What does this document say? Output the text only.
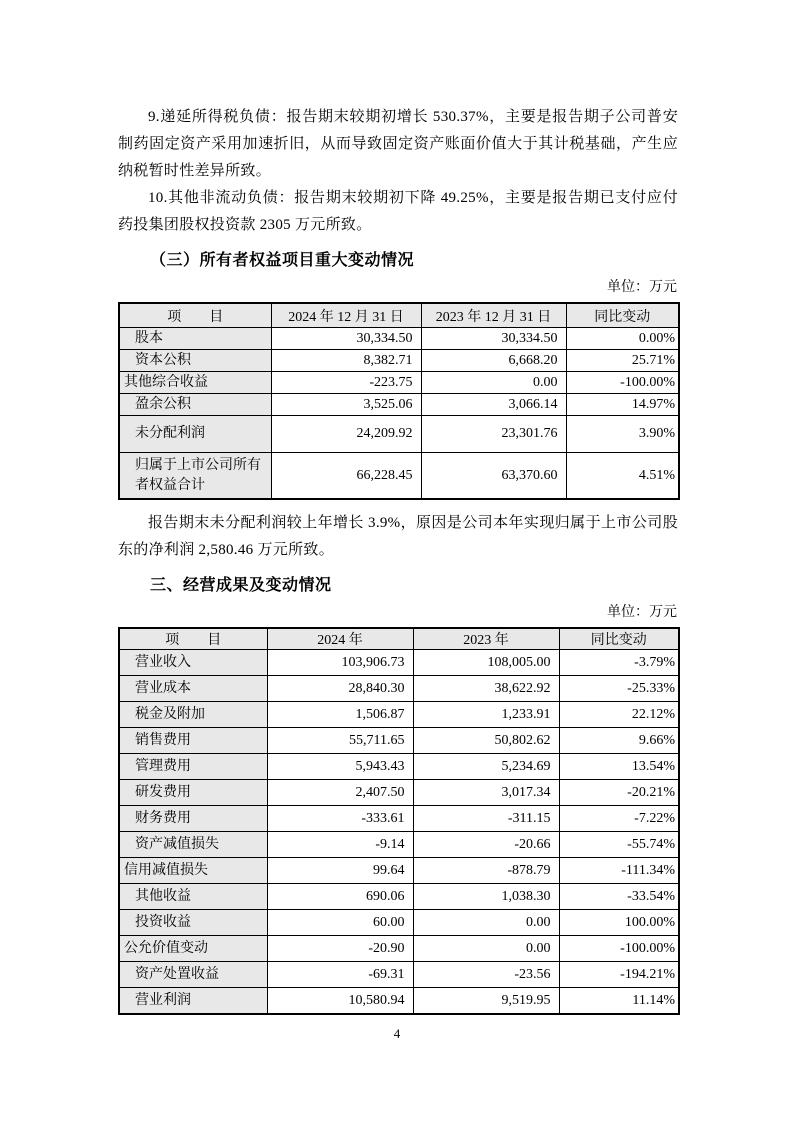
9.递延所得税负债：报告期末较期初增长 530.37%，主要是报告期子公司普安制药固定资产采用加速折旧，从而导致固定资产账面价值大于其计税基础，产生应纳税暂时性差异所致。

10.其他非流动负债：报告期末较期初下降 49.25%，主要是报告期已支付应付药投集团股权投资款 2305 万元所致。

（三）所有者权益项目重大变动情况
单位：万元
项　　目	2024 年 12 月 31 日	2023 年 12 月 31 日	同比变动
股本	30,334.50	30,334.50	0.00%
资本公积	8,382.71	6,668.20	25.71%
其他综合收益	-223.75	0.00	-100.00%
盈余公积	3,525.06	3,066.14	14.97%
未分配利润	24,209.92	23,301.76	3.90%
归属于上市公司所有者权益合计	66,228.45	63,370.60	4.51%

报告期末未分配利润较上年增长 3.9%，原因是公司本年实现归属于上市公司股东的净利润 2,580.46 万元所致。

三、经营成果及变动情况
单位：万元
项　　目	2024 年	2023 年	同比变动
营业收入	103,906.73	108,005.00	-3.79%
营业成本	28,840.30	38,622.92	-25.33%
税金及附加	1,506.87	1,233.91	22.12%
销售费用	55,711.65	50,802.62	9.66%
管理费用	5,943.43	5,234.69	13.54%
研发费用	2,407.50	3,017.34	-20.21%
财务费用	-333.61	-311.15	-7.22%
资产减值损失	-9.14	-20.66	-55.74%
信用减值损失	99.64	-878.79	-111.34%
其他收益	690.06	1,038.30	-33.54%
投资收益	60.00	0.00	100.00%
公允价值变动	-20.90	0.00	-100.00%
资产处置收益	-69.31	-23.56	-194.21%
营业利润	10,580.94	9,519.95	11.14%
4
